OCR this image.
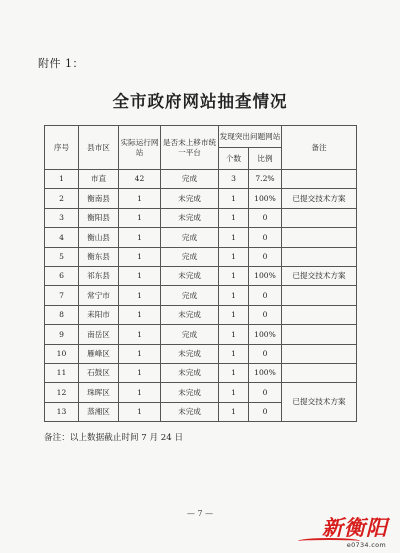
附件 1：
全市政府网站抽查情况
序号	县市区	实际运行网站	是否未上移市统一平台	发现突出问题网站		备注
				个数	比例	
1	市直	42	完成	3	7.2%	
2	衡南县	1	未完成	1	100%	已提交技术方案
3	衡阳县	1	未完成	1	0	
4	衡山县	1	完成	1	0	
5	衡东县	1	完成	1	0	
6	祁东县	1	未完成	1	100%	已提交技术方案
7	常宁市	1	完成	1	0	
8	耒阳市	1	未完成	1	0	
9	南岳区	1	完成	1	100%	
10	雁峰区	1	未完成	1	0	
11	石鼓区	1	未完成	1	100%	
12	珠晖区	1	未完成	1	0	已提交技术方案
13	蒸湘区	1	未完成	1	0	
备注：以上数据截止时间 7 月 24 日
— 7 —
新衡阳
e0734.com
